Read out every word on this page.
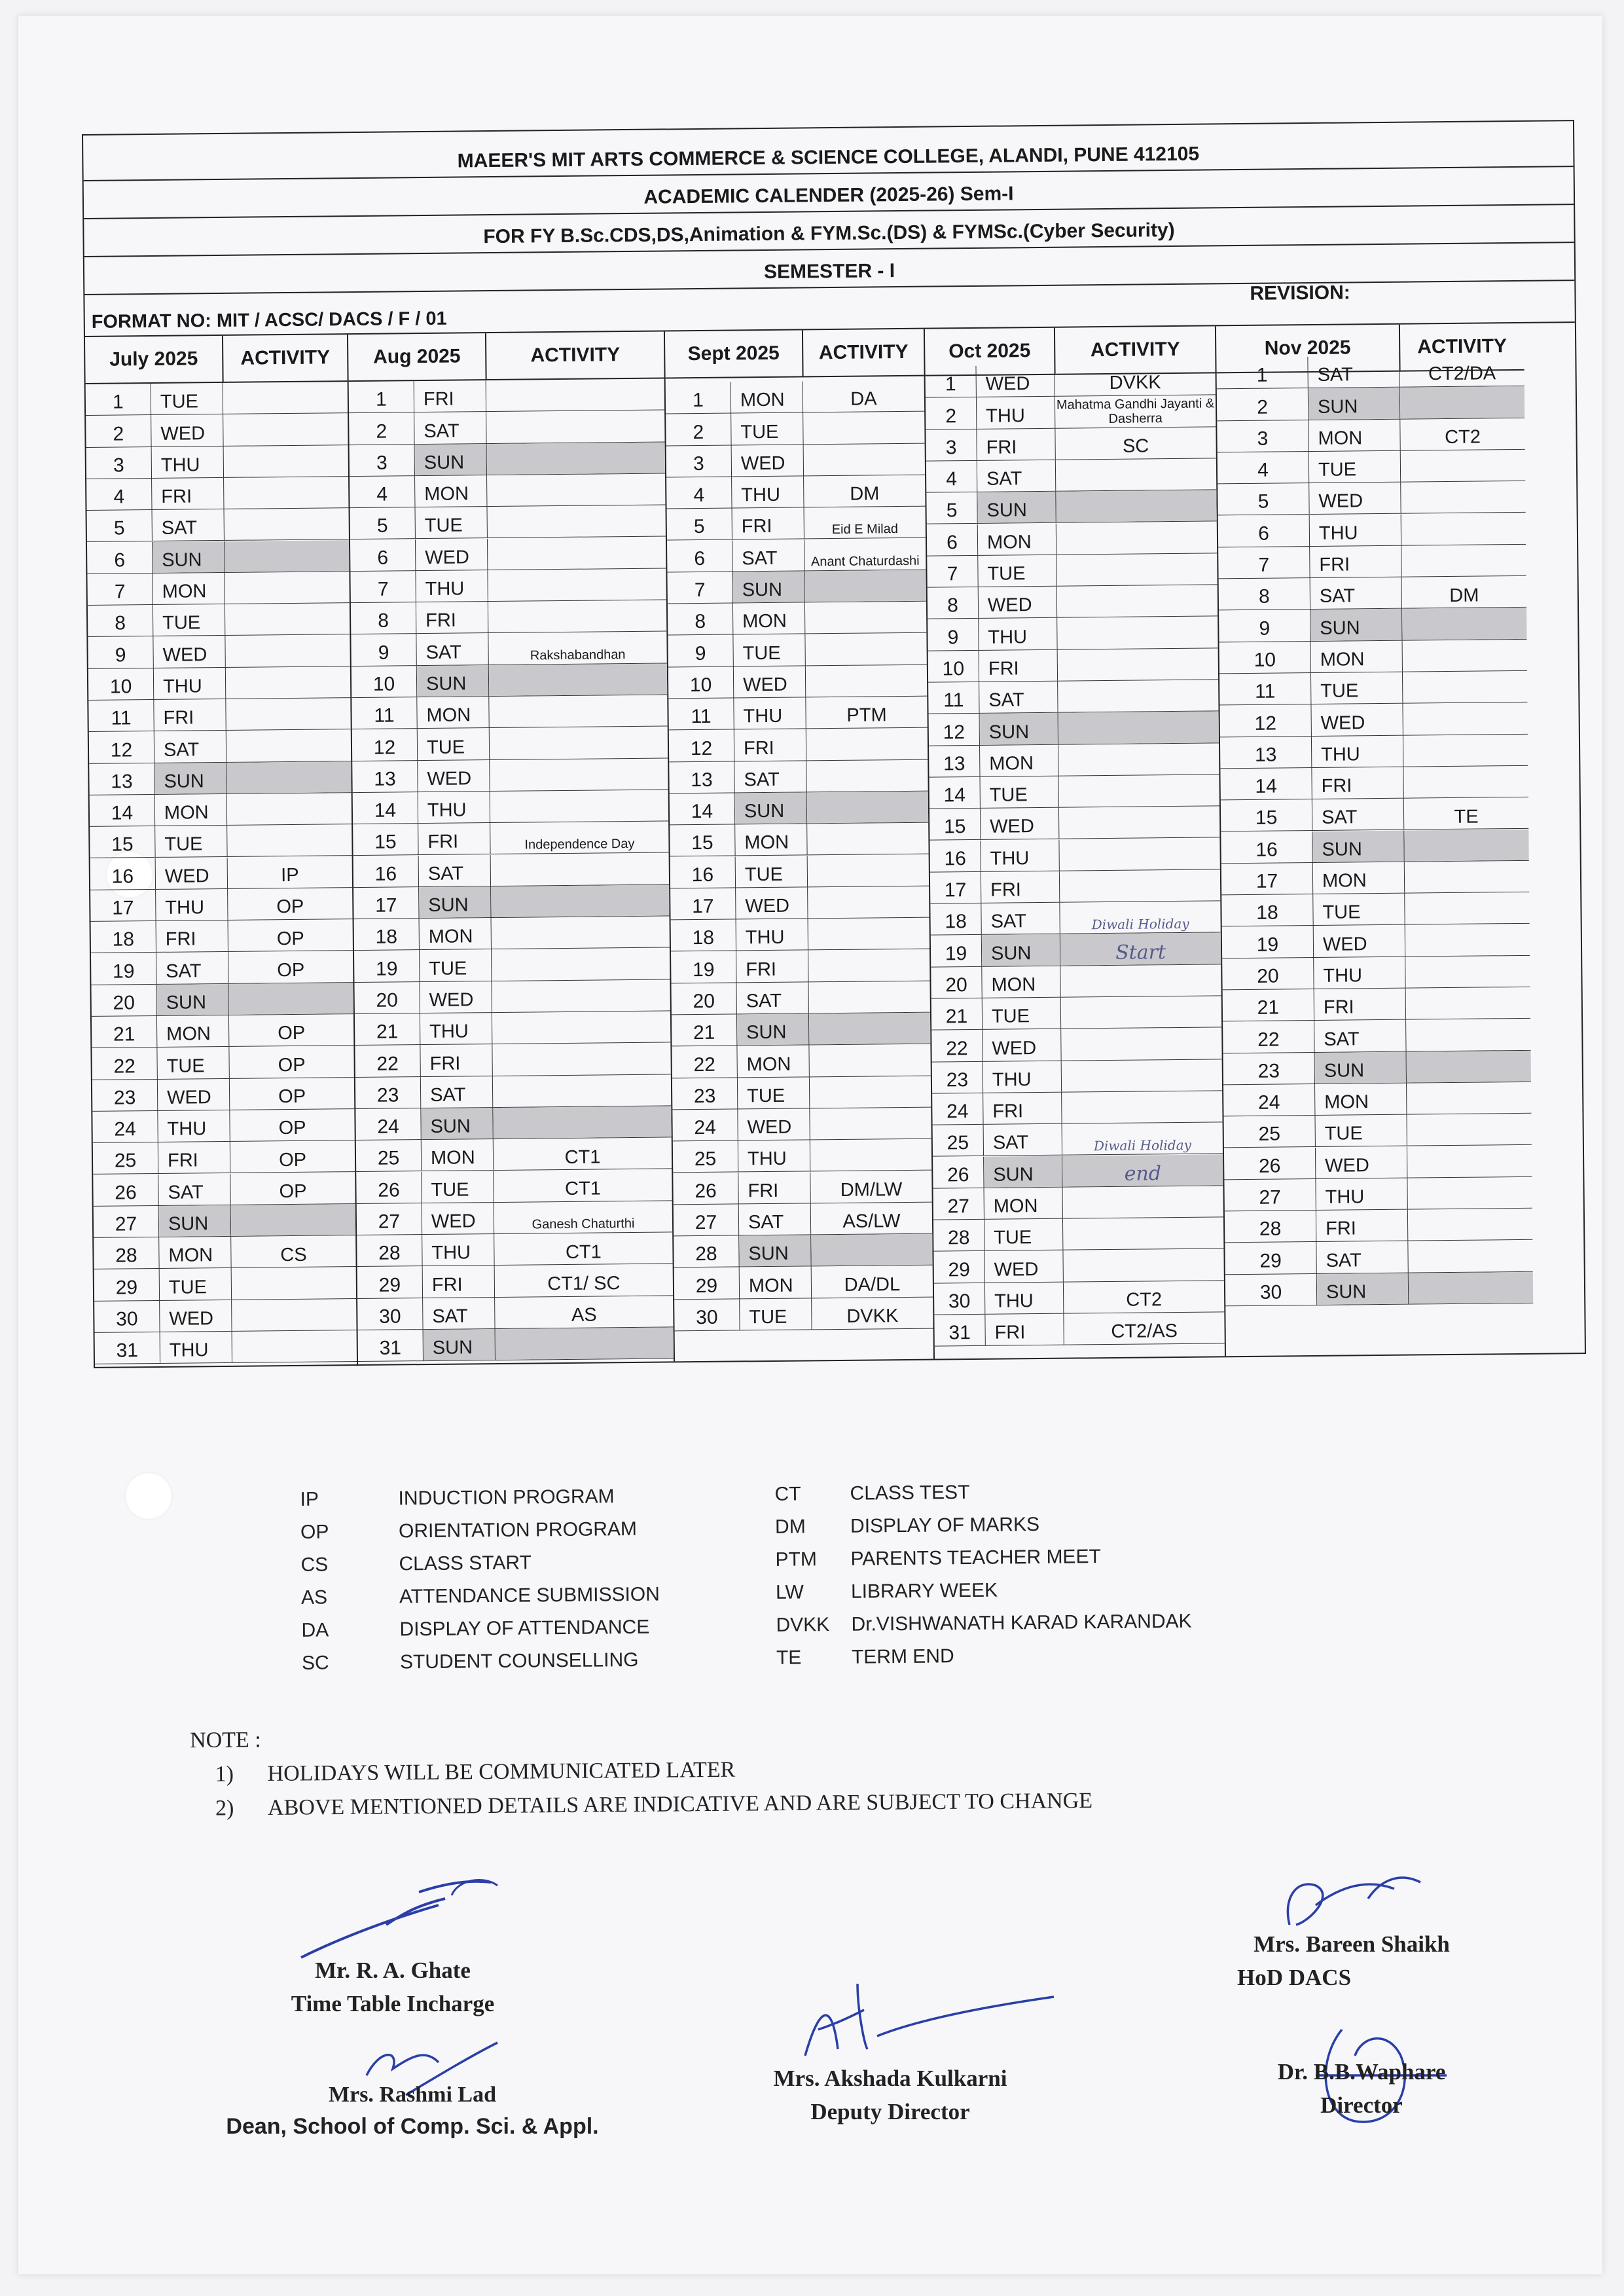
MAEER'S MIT ARTS COMMERCE & SCIENCE COLLEGE, ALANDI, PUNE 412105
ACADEMIC CALENDER (2025-26) Sem-I
FOR FY B.Sc.CDS,DS,Animation & FYM.Sc.(DS) & FYMSc.(Cyber Security)
SEMESTER - I
FORMAT NO: MIT / ACSC/ DACS / F / 01
REVISION:
July 2025	ACTIVITY
1	TUE
2	WED
3	THU
4	FRI
5	SAT
6	SUN
7	MON
8	TUE
9	WED
10	THU
11	FRI
12	SAT
13	SUN
14	MON
15	TUE
16	WED	IP
17	THU	OP
18	FRI	OP
19	SAT	OP
20	SUN
21	MON	OP
22	TUE	OP
23	WED	OP
24	THU	OP
25	FRI	OP
26	SAT	OP
27	SUN
28	MON	CS
29	TUE
30	WED
31	THU
Aug 2025	ACTIVITY
1	FRI
2	SAT
3	SUN
4	MON
5	TUE
6	WED
7	THU
8	FRI
9	SAT	Rakshabandhan
10	SUN
11	MON
12	TUE
13	WED
14	THU
15	FRI	Independence Day
16	SAT
17	SUN
18	MON
19	TUE
20	WED
21	THU
22	FRI
23	SAT
24	SUN
25	MON	CT1
26	TUE	CT1
27	WED	Ganesh Chaturthi
28	THU	CT1
29	FRI	CT1/ SC
30	SAT	AS
31	SUN
Sept 2025	ACTIVITY
1	MON	DA
2	TUE
3	WED
4	THU	DM
5	FRI	Eid E Milad
6	SAT	Anant Chaturdashi
7	SUN
8	MON
9	TUE
10	WED
11	THU	PTM
12	FRI
13	SAT
14	SUN
15	MON
16	TUE
17	WED
18	THU
19	FRI
20	SAT
21	SUN
22	MON
23	TUE
24	WED
25	THU
26	FRI	DM/LW
27	SAT	AS/LW
28	SUN
29	MON	DA/DL
30	TUE	DVKK
Oct 2025	ACTIVITY
1	WED	DVKK
2	THU
Mahatma Gandhi Jayanti & Dasherra
3	FRI	SC
4	SAT
5	SUN
6	MON
7	TUE
8	WED
9	THU
10	FRI
11	SAT
12	SUN
13	MON
14	TUE
15	WED
16	THU
17	FRI
18	SAT	Diwali Holiday
19	SUN	Start
20	MON
21	TUE
22	WED
23	THU
24	FRI
25	SAT	Diwali Holiday
26	SUN	end
27	MON
28	TUE
29	WED
30	THU	CT2
31	FRI	CT2/AS
Nov 2025	ACTIVITY
1	SAT	CT2/DA
2	SUN
3	MON	CT2
4	TUE
5	WED
6	THU
7	FRI
8	SAT	DM
9	SUN
10	MON
11	TUE
12	WED
13	THU
14	FRI
15	SAT	TE
16	SUN
17	MON
18	TUE
19	WED
20	THU
21	FRI
22	SAT
23	SUN
24	MON
25	TUE
26	WED
27	THU
28	FRI
29	SAT
30	SUN
IP	INDUCTION PROGRAM
OP	ORIENTATION PROGRAM
CS	CLASS START
AS	ATTENDANCE SUBMISSION
DA	DISPLAY OF ATTENDANCE
SC	STUDENT COUNSELLING
CT CLASS TEST
DM DISPLAY OF MARKS
PTM PARENTS TEACHER MEET
LW LIBRARY WEEK
DVKK Dr.VISHWANATH KARAD KARANDAK
TE	TERM END
NOTE :
1) HOLIDAYS WILL BE COMMUNICATED LATER
2) ABOVE MENTIONED DETAILS ARE INDICATIVE AND ARE SUBJECT TO CHANGE
Mr. R. A. Ghate
Time Table Incharge
Mrs. Bareen Shaikh
HoD DACS
Mrs. Rashmi Lad
Dean, School of Comp. Sci. & Appl.
Mrs. Akshada Kulkarni
Deputy Director
Dr. B.B.Waphare
Director
